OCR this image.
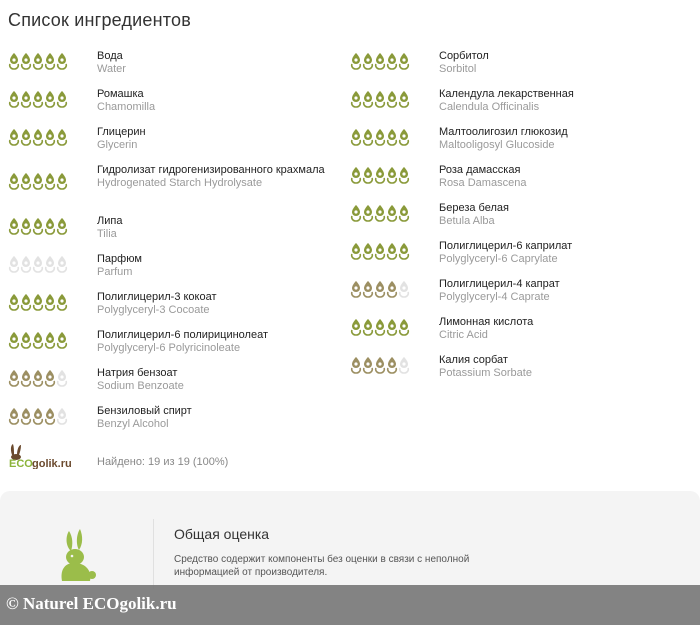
Список ингредиентов
Вода
Water
Ромашка
Chamomilla
Глицерин
Glycerin
Гидролизат гидрогенизированного крахмала
Hydrogenated Starch Hydrolysate
Липа
Tilia
Парфюм
Parfum
Полиглицерил-3 кокоат
Polyglyceryl-3 Cocoate
Полиглицерил-6 полирицинолеат
Polyglyceryl-6 Polyricinoleate
Натрия бензоат
Sodium Benzoate
Бензиловый спирт
Benzyl Alcohol
Сорбитол
Sorbitol
Календула лекарственная
Calendula Officinalis
Малтоолигозил глюкозид
Maltooligosyl Glucoside
Роза дамасская
Rosa Damascena
Береза белая
Betula Alba
Полиглицерил-6 каприлат
Polyglyceryl-6 Caprylate
Полиглицерил-4 капрат
Polyglyceryl-4 Caprate
Лимонная кислота
Citric Acid
Калия сорбат
Potassium Sorbate
ECO golik.ru Найдено: 19 из 19 (100%)
Общая оценка
Средство содержит компоненты без оценки в связи с неполной информацией от производителя.
© Naturel ECOgolik.ru
